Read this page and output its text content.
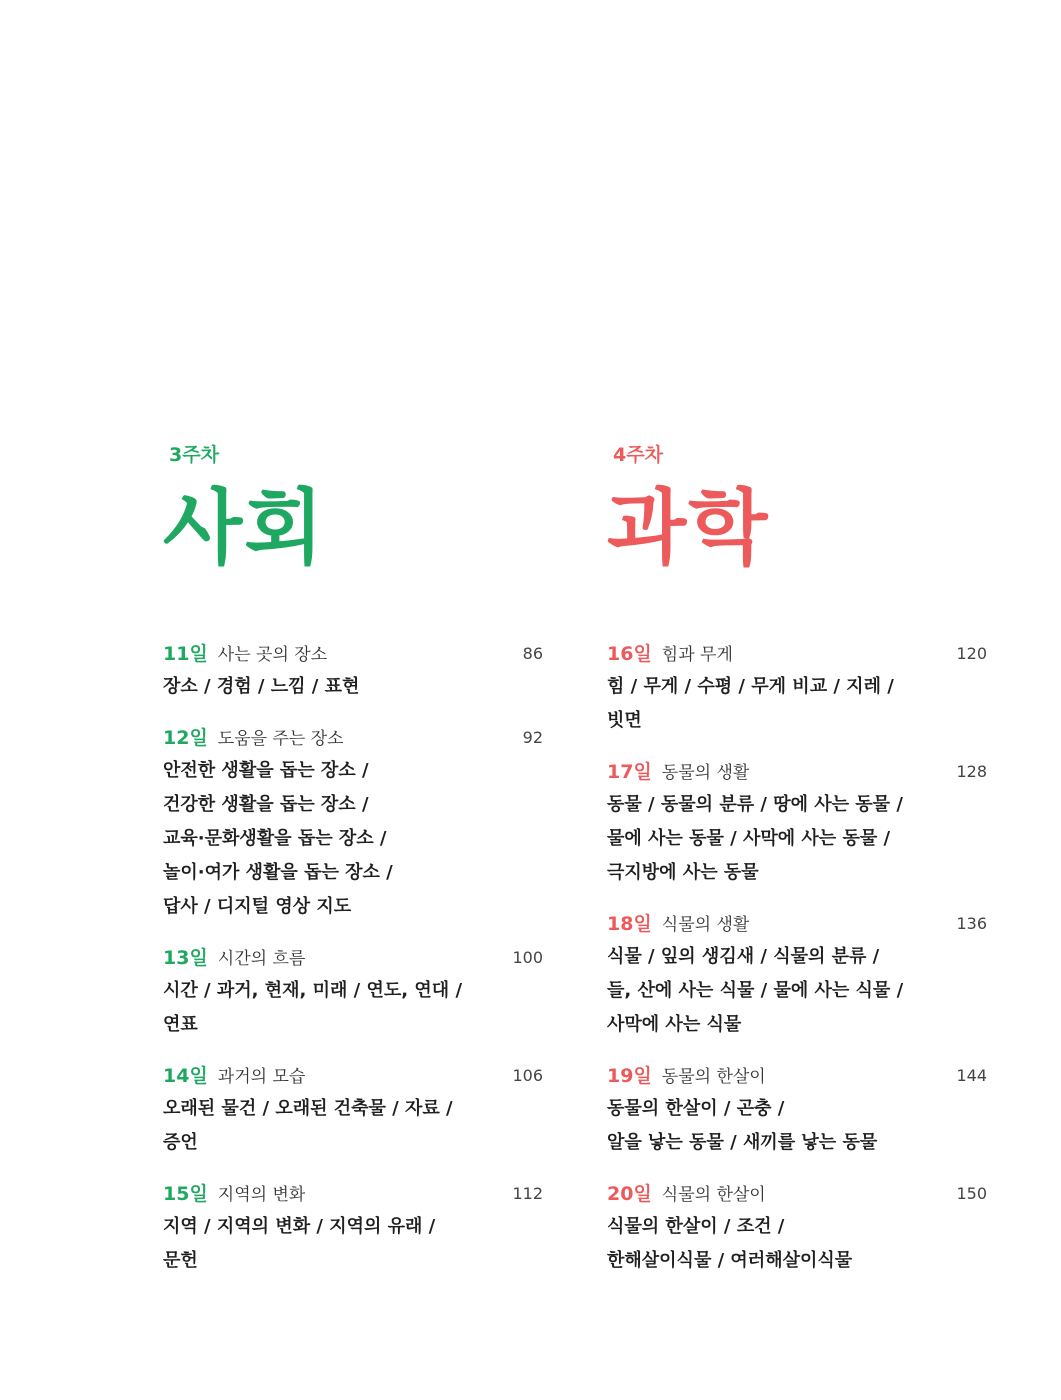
3주차
사회
11일 사는 곳의 장소	86
장소 / 경험 / 느낌 / 표현
12일 도움을 주는 장소	92
안전한 생활을 돕는 장소 /
건강한 생활을 돕는 장소 /
교육·문화생활을 돕는 장소 /
놀이·여가 생활을 돕는 장소 /
답사 / 디지털 영상 지도
13일 시간의 흐름	100
시간 / 과거, 현재, 미래 / 연도, 연대 /
연표
14일 과거의 모습	106
오래된 물건 / 오래된 건축물 / 자료 /
증언
15일 지역의 변화	112
지역 / 지역의 변화 / 지역의 유래 /
문헌
4주차
과학
16일 힘과 무게	120
힘 / 무게 / 수평 / 무게 비교 / 지레 /
빗면
17일 동물의 생활	128
동물 / 동물의 분류 / 땅에 사는 동물 /
물에 사는 동물 / 사막에 사는 동물 /
극지방에 사는 동물
18일 식물의 생활	136
식물 / 잎의 생김새 / 식물의 분류 /
들, 산에 사는 식물 / 물에 사는 식물 /
사막에 사는 식물
19일 동물의 한살이	144
동물의 한살이 / 곤충 /
알을 낳는 동물 / 새끼를 낳는 동물
20일 식물의 한살이	150
식물의 한살이 / 조건 /
한해살이식물 / 여러해살이식물
